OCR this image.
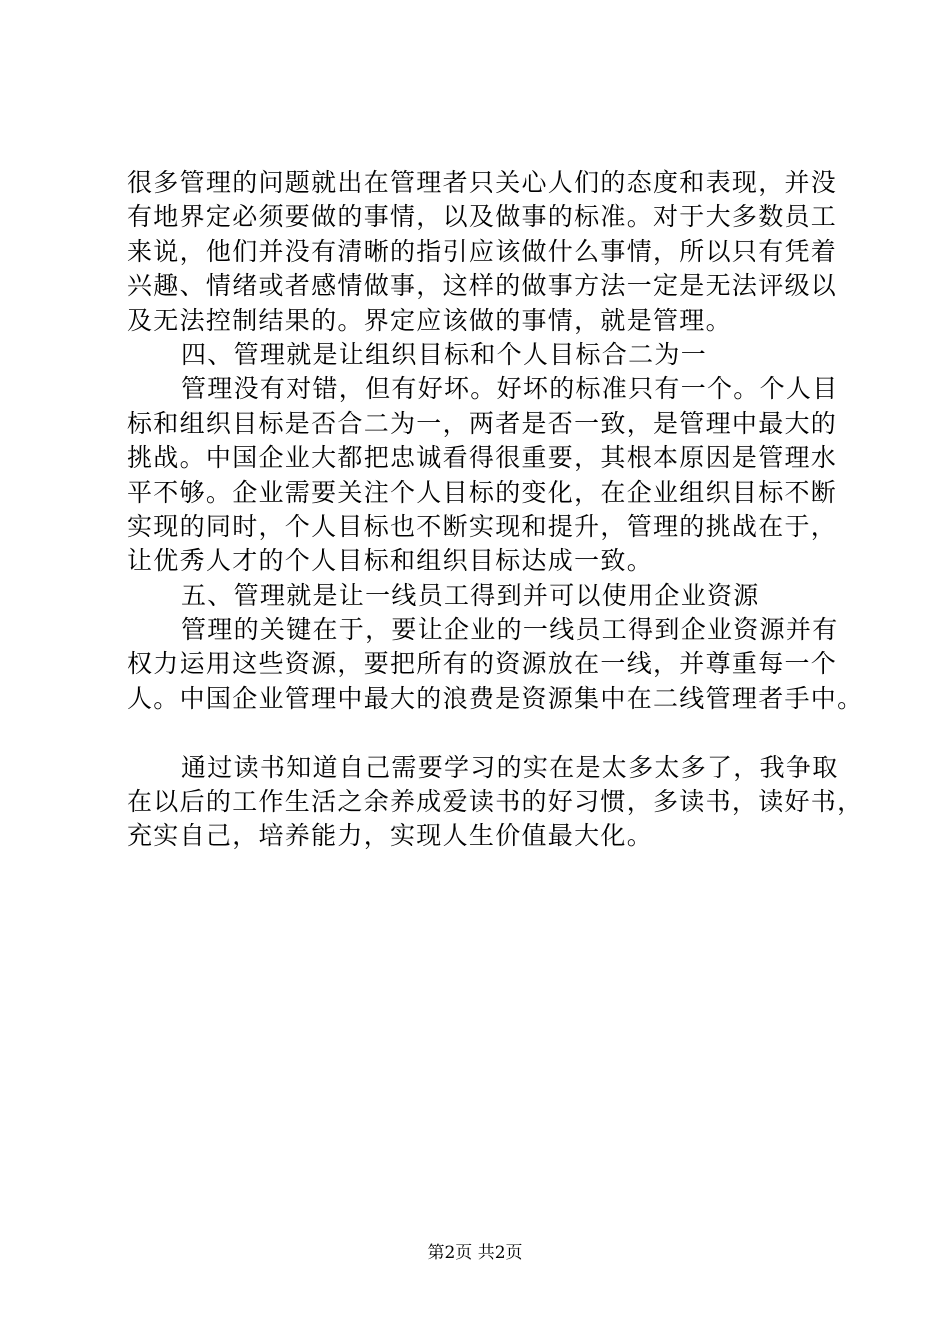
很多管理的问题就出在管理者只关心人们的态度和表现，并没
有地界定必须要做的事情，以及做事的标准。对于大多数员工
来说，他们并没有清晰的指引应该做什么事情，所以只有凭着
兴趣、情绪或者感情做事，这样的做事方法一定是无法评级以
及无法控制结果的。界定应该做的事情，就是管理。
四、管理就是让组织目标和个人目标合二为一
管理没有对错，但有好坏。好坏的标准只有一个。个人目
标和组织目标是否合二为一，两者是否一致，是管理中最大的
挑战。中国企业大都把忠诚看得很重要，其根本原因是管理水
平不够。企业需要关注个人目标的变化，在企业组织目标不断
实现的同时，个人目标也不断实现和提升，管理的挑战在于，
让优秀人才的个人目标和组织目标达成一致。
五、管理就是让一线员工得到并可以使用企业资源
管理的关键在于，要让企业的一线员工得到企业资源并有
权力运用这些资源，要把所有的资源放在一线，并尊重每一个
人。中国企业管理中最大的浪费是资源集中在二线管理者手中。
通过读书知道自己需要学习的实在是太多太多了，我争取
在以后的工作生活之余养成爱读书的好习惯，多读书，读好书，
充实自己，培养能力，实现人生价值最大化。
第2页 共2页
